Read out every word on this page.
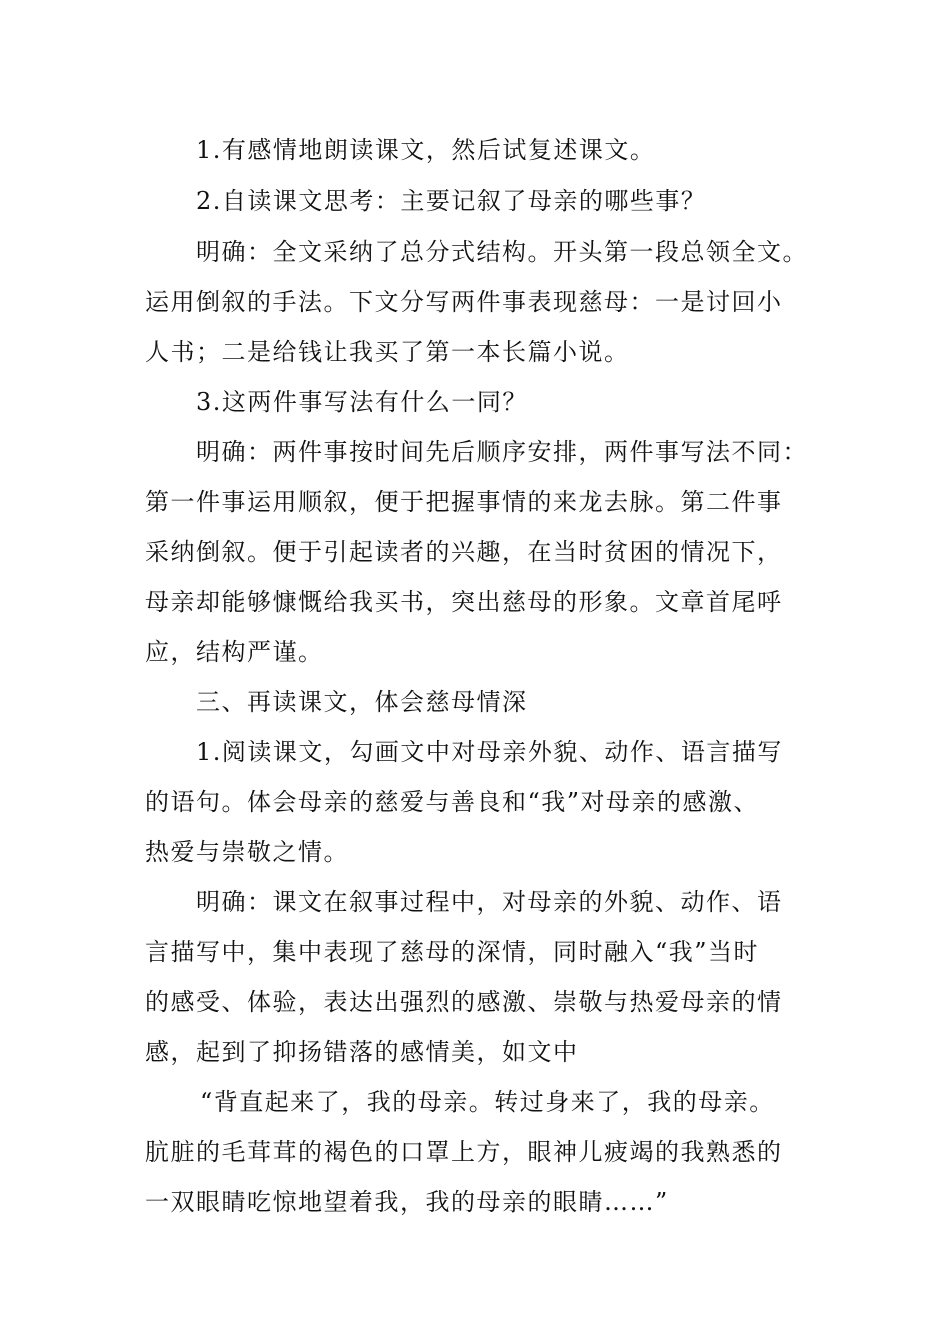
1.有感情地朗读课文，然后试复述课文。
2.自读课文思考：主要记叙了母亲的哪些事？
明确：全文采纳了总分式结构。开头第一段总领全文。
运用倒叙的手法。下文分写两件事表现慈母：一是讨回小
人书；二是给钱让我买了第一本长篇小说。
3.这两件事写法有什么一同？
明确：两件事按时间先后顺序安排，两件事写法不同：
第一件事运用顺叙，便于把握事情的来龙去脉。第二件事
采纳倒叙。便于引起读者的兴趣，在当时贫困的情况下，
母亲却能够慷慨给我买书，突出慈母的形象。文章首尾呼
应，结构严谨。
三、再读课文，体会慈母情深
1.阅读课文，勾画文中对母亲外貌、动作、语言描写
的语句。体会母亲的慈爱与善良和“我”对母亲的感激、
热爱与崇敬之情。
明确：课文在叙事过程中，对母亲的外貌、动作、语
言描写中，集中表现了慈母的深情，同时融入“我”当时
的感受、体验，表达出强烈的感激、崇敬与热爱母亲的情
感，起到了抑扬错落的感情美，如文中
“背直起来了，我的母亲。转过身来了，我的母亲。
肮脏的毛茸茸的褐色的口罩上方，眼神儿疲竭的我熟悉的
一双眼睛吃惊地望着我，我的母亲的眼睛……”
